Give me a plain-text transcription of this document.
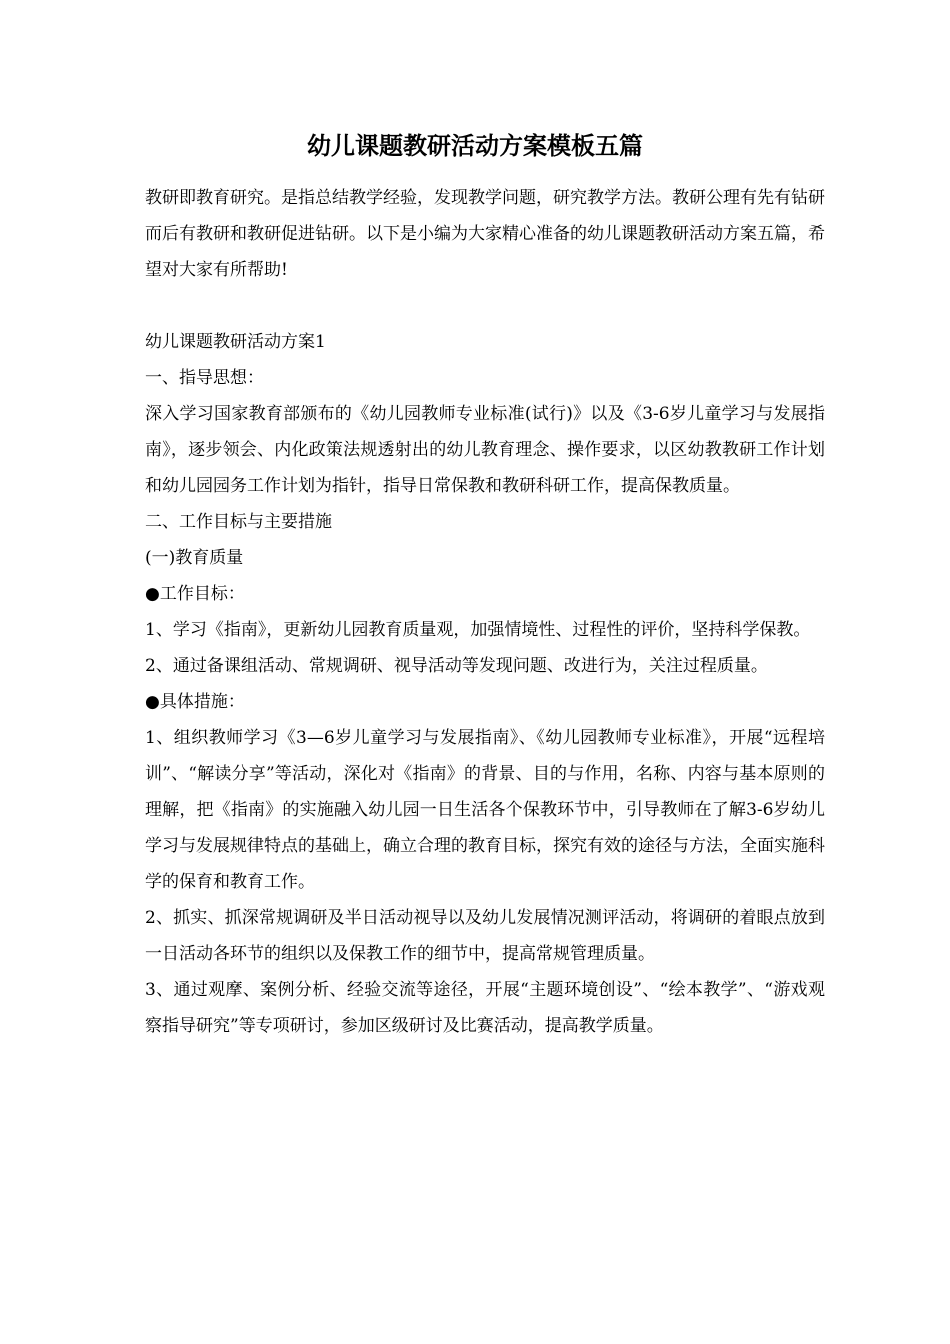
幼儿课题教研活动方案模板五篇

教研即教育研究。是指总结教学经验，发现教学问题，研究教学方法。教研公理有先有钻研而后有教研和教研促进钻研。以下是小编为大家精心准备的幼儿课题教研活动方案五篇，希望对大家有所帮助!

幼儿课题教研活动方案1

一、指导思想：

深入学习国家教育部颁布的《幼儿园教师专业标准(试行)》以及《3-6岁儿童学习与发展指南》，逐步领会、内化政策法规透射出的幼儿教育理念、操作要求，以区幼教教研工作计划和幼儿园园务工作计划为指针，指导日常保教和教研科研工作，提高保教质量。

二、工作目标与主要措施

(一)教育质量

●工作目标：

1、学习《指南》，更新幼儿园教育质量观，加强情境性、过程性的评价，坚持科学保教。

2、通过备课组活动、常规调研、视导活动等发现问题、改进行为，关注过程质量。

●具体措施：

1、组织教师学习《3—6岁儿童学习与发展指南》、《幼儿园教师专业标准》，开展“远程培训”、“解读分享”等活动，深化对《指南》的背景、目的与作用，名称、内容与基本原则的理解，把《指南》的实施融入幼儿园一日生活各个保教环节中，引导教师在了解3-6岁幼儿学习与发展规律特点的基础上，确立合理的教育目标，探究有效的途径与方法，全面实施科学的保育和教育工作。

2、抓实、抓深常规调研及半日活动视导以及幼儿发展情况测评活动，将调研的着眼点放到一日活动各环节的组织以及保教工作的细节中，提高常规管理质量。

3、通过观摩、案例分析、经验交流等途径，开展“主题环境创设”、“绘本教学”、“游戏观察指导研究”等专项研讨，参加区级研讨及比赛活动，提高教学质量。
